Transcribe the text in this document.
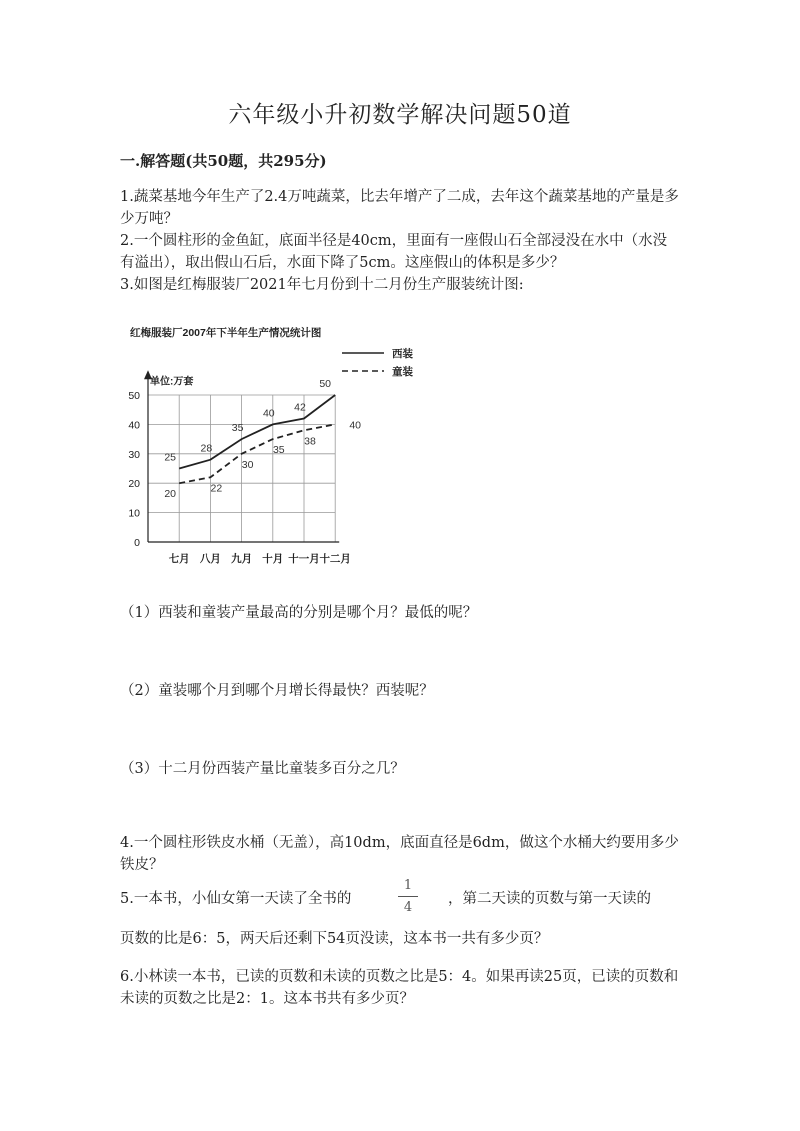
六年级小升初数学解决问题50道
一.解答题(共50题，共295分)
1.蔬菜基地今年生产了2.4万吨蔬菜，比去年增产了二成，去年这个蔬菜基地的产量是多少万吨？
2.一个圆柱形的金鱼缸，底面半径是40cm，里面有一座假山石全部浸没在水中（水没有溢出），取出假山石后，水面下降了5cm。这座假山的体积是多少？
3.如图是红梅服装厂2021年七月份到十二月份生产服装统计图:
0
10
20
30
40
50
七月 八月 九月 十月 十一月 十二月
红梅服装厂2007年下半年生产情况统计图
单位:万套
西装
童装
25
28
35
40 42
50
20	22
30
35
38
40
（1）西装和童装产量最高的分别是哪个月？最低的呢？
（2）童装哪个月到哪个月增长得最快？西装呢？
（3）十二月份西装产量比童装多百分之几？
4.一个圆柱形铁皮水桶（无盖），高10dm，底面直径是6dm，做这个水桶大约要用多少铁皮？
5.一本书，小仙女第一天读了全书的
1
4
，第二天读的页数与第一天读的
页数的比是6：5，两天后还剩下54页没读，这本书一共有多少页？
6.小林读一本书，已读的页数和未读的页数之比是5：4。如果再读25页，已读的页数和未读的页数之比是2：1。这本书共有多少页？
